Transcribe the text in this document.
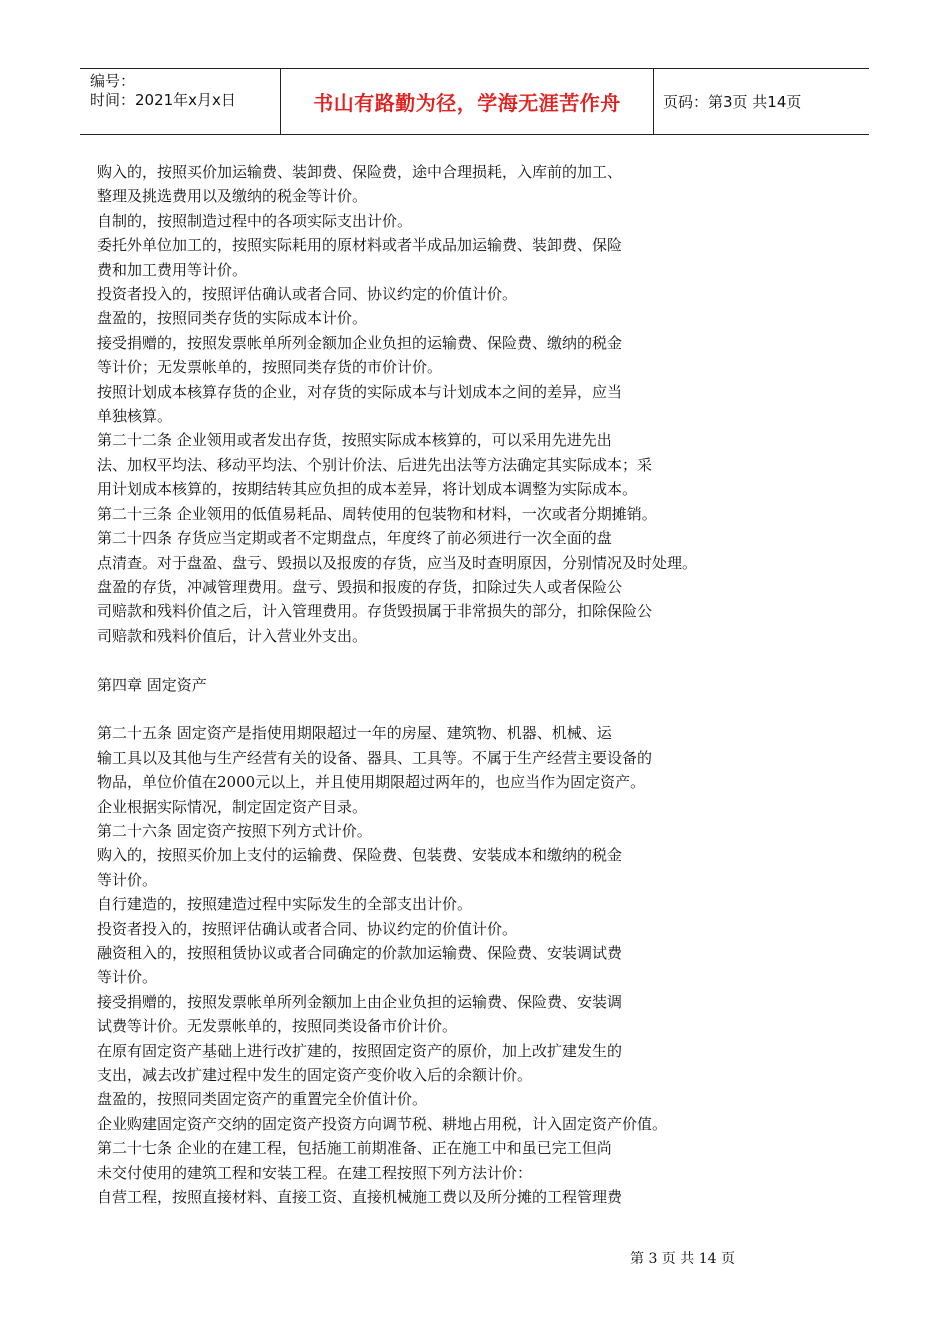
编号：
时间：2021年x月x日	书山有路勤为径，学海无涯苦作舟	页码：第3页 共14页

购入的，按照买价加运输费、装卸费、保险费，途中合理损耗，入库前的加工、

整理及挑选费用以及缴纳的税金等计价。

自制的，按照制造过程中的各项实际支出计价。

委托外单位加工的，按照实际耗用的原材料或者半成品加运输费、装卸费、保险

费和加工费用等计价。

投资者投入的，按照评估确认或者合同、协议约定的价值计价。

盘盈的，按照同类存货的实际成本计价。

接受捐赠的，按照发票帐单所列金额加企业负担的运输费、保险费、缴纳的税金

等计价；无发票帐单的，按照同类存货的市价计价。

按照计划成本核算存货的企业，对存货的实际成本与计划成本之间的差异，应当

单独核算。

第二十二条 企业领用或者发出存货，按照实际成本核算的，可以采用先进先出

法、加权平均法、移动平均法、个别计价法、后进先出法等方法确定其实际成本；采

用计划成本核算的，按期结转其应负担的成本差异，将计划成本调整为实际成本。

第二十三条 企业领用的低值易耗品、周转使用的包装物和材料，一次或者分期摊销。

第二十四条 存货应当定期或者不定期盘点，年度终了前必须进行一次全面的盘

点清查。对于盘盈、盘亏、毁损以及报废的存货，应当及时查明原因，分别情况及时处理。

盘盈的存货，冲减管理费用。盘亏、毁损和报废的存货，扣除过失人或者保险公

司赔款和残料价值之后，计入管理费用。存货毁损属于非常损失的部分，扣除保险公

司赔款和残料价值后，计入营业外支出。

第四章 固定资产

第二十五条 固定资产是指使用期限超过一年的房屋、建筑物、机器、机械、运

输工具以及其他与生产经营有关的设备、器具、工具等。不属于生产经营主要设备的

物品，单位价值在2000元以上，并且使用期限超过两年的，也应当作为固定资产。

企业根据实际情况，制定固定资产目录。

第二十六条 固定资产按照下列方式计价。

购入的，按照买价加上支付的运输费、保险费、包装费、安装成本和缴纳的税金

等计价。

自行建造的，按照建造过程中实际发生的全部支出计价。

投资者投入的，按照评估确认或者合同、协议约定的价值计价。

融资租入的，按照租赁协议或者合同确定的价款加运输费、保险费、安装调试费

等计价。

接受捐赠的，按照发票帐单所列金额加上由企业负担的运输费、保险费、安装调

试费等计价。无发票帐单的，按照同类设备市价计价。

在原有固定资产基础上进行改扩建的，按照固定资产的原价，加上改扩建发生的

支出，减去改扩建过程中发生的固定资产变价收入后的余额计价。

盘盈的，按照同类固定资产的重置完全价值计价。

企业购建固定资产交纳的固定资产投资方向调节税、耕地占用税，计入固定资产价值。

第二十七条 企业的在建工程，包括施工前期准备、正在施工中和虽已完工但尚

未交付使用的建筑工程和安装工程。在建工程按照下列方法计价：

自营工程，按照直接材料、直接工资、直接机械施工费以及所分摊的工程管理费

第 3 页 共 14 页
